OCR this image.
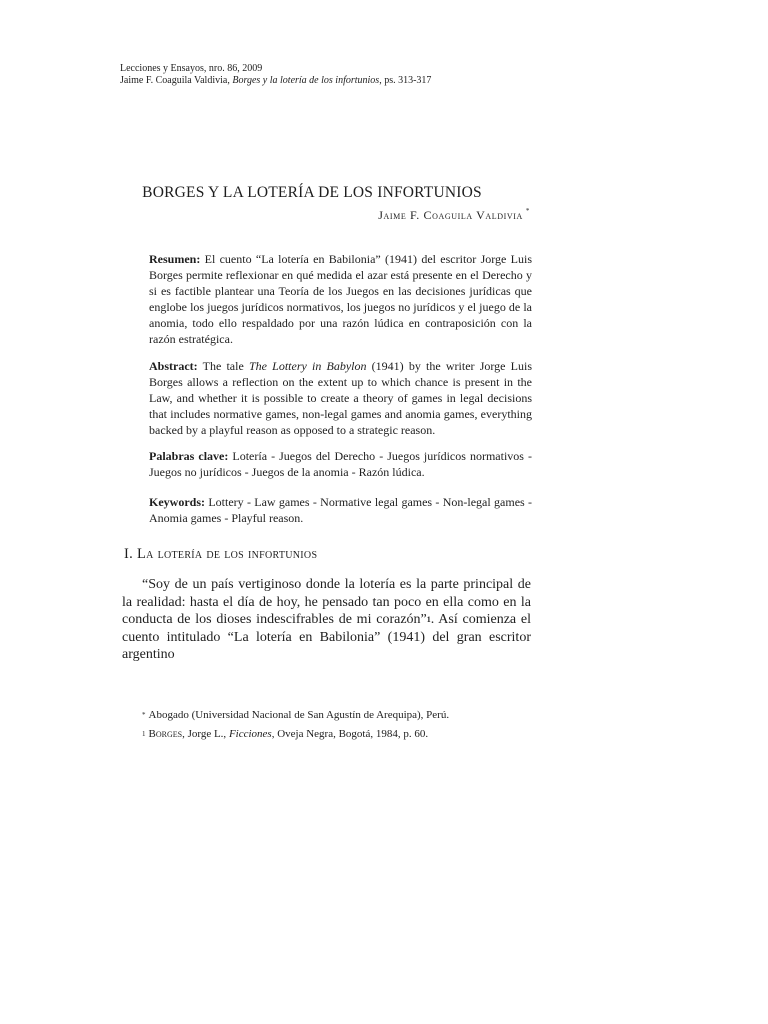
Lecciones y Ensayos, nro. 86, 2009
Jaime F. Coaguila Valdivia, Borges y la lotería de los infortunios, ps. 313-317
BORGES Y LA LOTERÍA DE LOS INFORTUNIOS
Jaime F. Coaguila Valdivia *
Resumen: El cuento “La lotería en Babilonia” (1941) del escritor Jorge Luis Borges permite reflexionar en qué medida el azar está presente en el Derecho y si es factible plantear una Teoría de los Juegos en las decisiones jurídicas que englobe los juegos jurídicos normativos, los juegos no jurídicos y el juego de la anomia, todo ello respaldado por una razón lúdica en contraposición con la razón estratégica.
Abstract: The tale The Lottery in Babylon (1941) by the writer Jorge Luis Borges allows a reflection on the extent up to which chance is present in the Law, and whether it is possible to create a theory of games in legal decisions that includes normative games, non-legal games and anomia games, everything backed by a playful reason as opposed to a strategic reason.
Palabras clave: Lotería - Juegos del Derecho - Juegos jurídicos normativos - Juegos no jurídicos - Juegos de la anomia - Razón lúdica.
Keywords: Lottery - Law games - Normative legal games - Non-legal games - Anomia games - Playful reason.
I. La lotería de los infortunios
“Soy de un país vertiginoso donde la lotería es la parte principal de la realidad: hasta el día de hoy, he pensado tan poco en ella como en la conducta de los dioses indescifrables de mi corazón”$^1$. Así comienza el cuento intitulado “La lotería en Babilonia” (1941) del gran escritor argentino
* Abogado (Universidad Nacional de San Agustín de Arequipa), Perú.
$^1$ Borges, Jorge L., Ficciones, Oveja Negra, Bogotá, 1984, p. 60.
